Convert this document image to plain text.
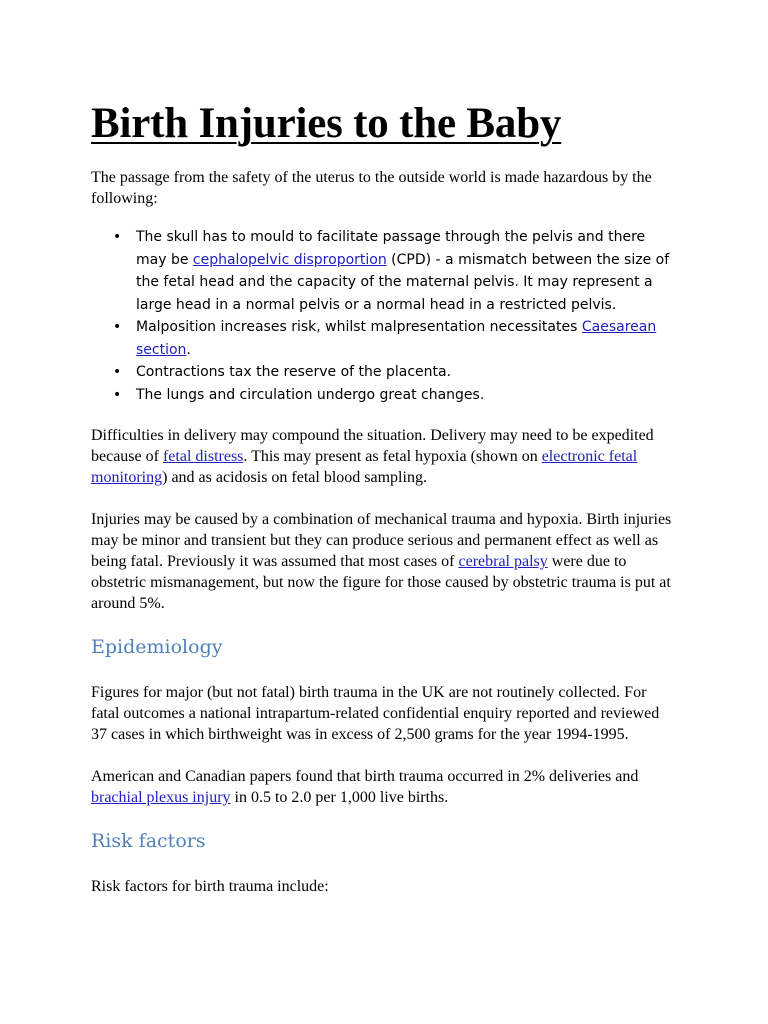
Birth Injuries to the Baby

The passage from the safety of the uterus to the outside world is made hazardous by the following:

• The skull has to mould to facilitate passage through the pelvis and there may be cephalopelvic disproportion (CPD) - a mismatch between the size of the fetal head and the capacity of the maternal pelvis. It may represent a large head in a normal pelvis or a normal head in a restricted pelvis.
• Malposition increases risk, whilst malpresentation necessitates Caesarean section.
• Contractions tax the reserve of the placenta.
• The lungs and circulation undergo great changes.

Difficulties in delivery may compound the situation. Delivery may need to be expedited because of fetal distress. This may present as fetal hypoxia (shown on electronic fetal monitoring) and as acidosis on fetal blood sampling.

Injuries may be caused by a combination of mechanical trauma and hypoxia. Birth injuries may be minor and transient but they can produce serious and permanent effect as well as being fatal. Previously it was assumed that most cases of cerebral palsy were due to obstetric mismanagement, but now the figure for those caused by obstetric trauma is put at around 5%.

Epidemiology

Figures for major (but not fatal) birth trauma in the UK are not routinely collected. For fatal outcomes a national intrapartum-related confidential enquiry reported and reviewed 37 cases in which birthweight was in excess of 2,500 grams for the year 1994-1995.

American and Canadian papers found that birth trauma occurred in 2% deliveries and brachial plexus injury in 0.5 to 2.0 per 1,000 live births.

Risk factors

Risk factors for birth trauma include:
